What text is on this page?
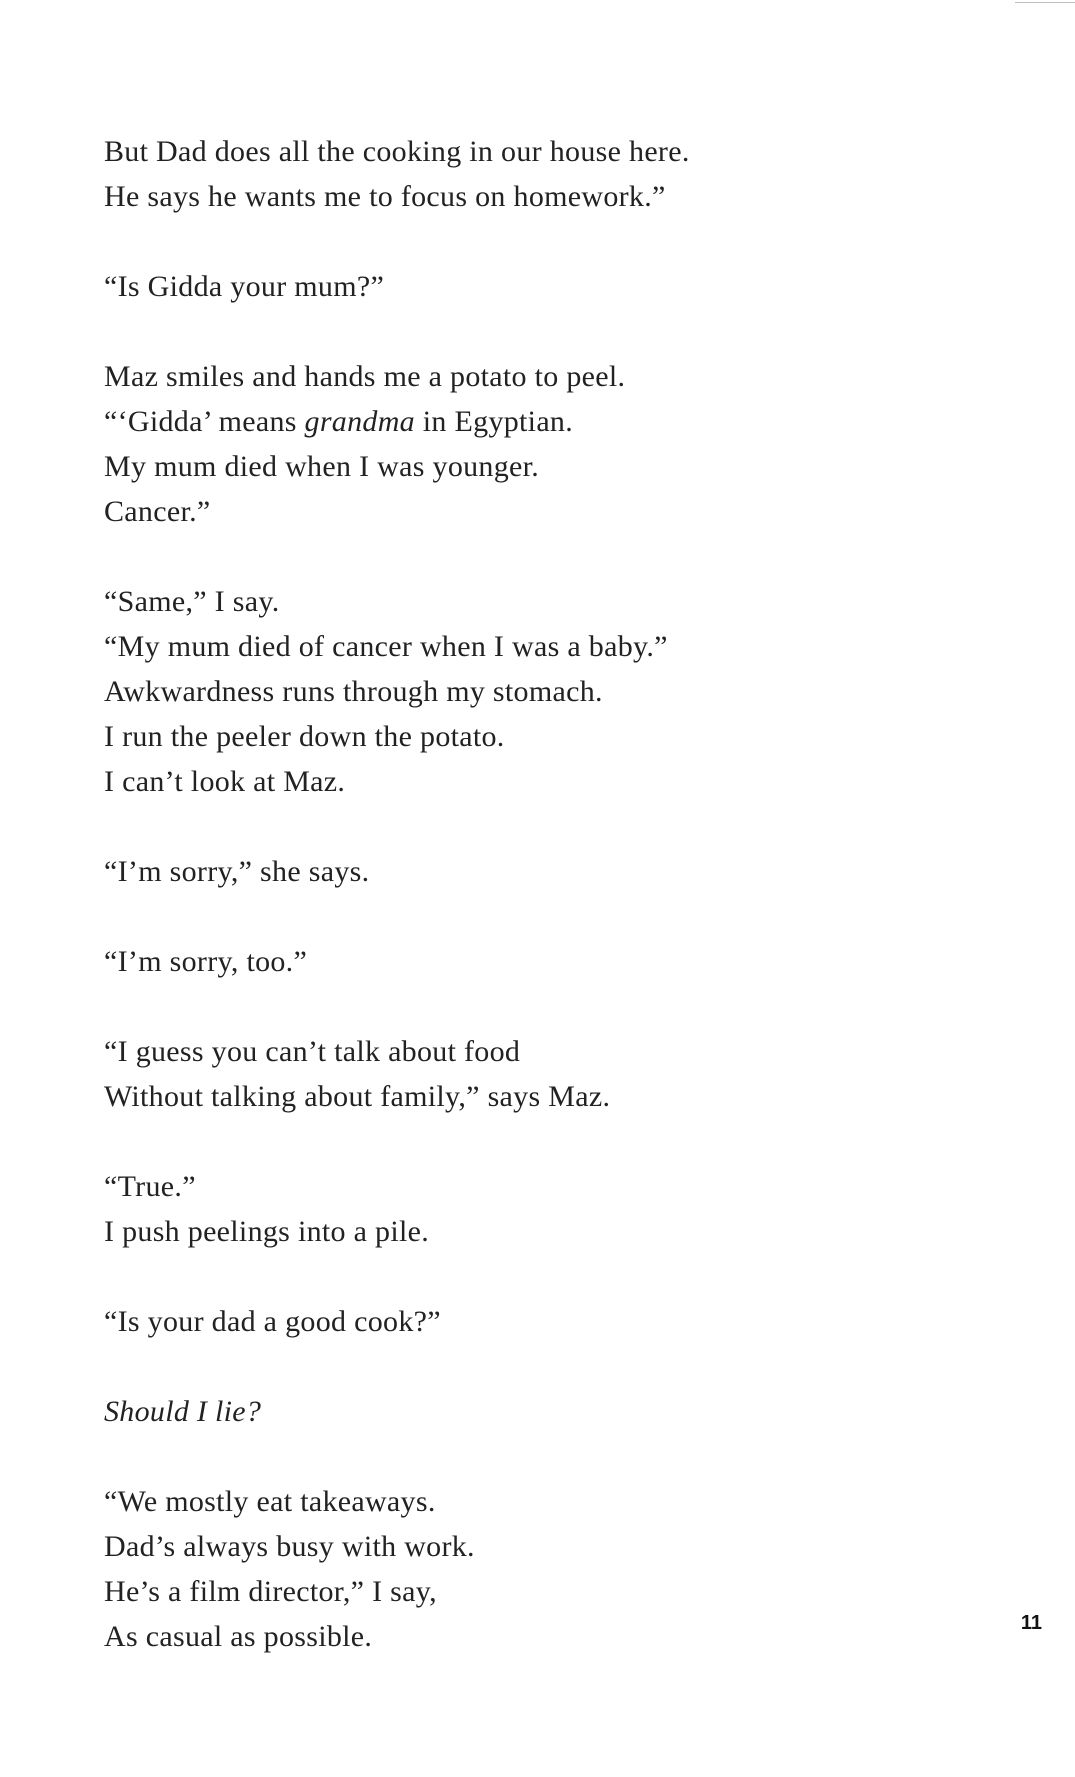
But Dad does all the cooking in our house here.
He says he wants me to focus on homework.”
“Is Gidda your mum?”
Maz smiles and hands me a potato to peel.
“‘Gidda’ means grandma in Egyptian.
My mum died when I was younger.
Cancer.”
“Same,” I say.
“My mum died of cancer when I was a baby.”
Awkwardness runs through my stomach.
I run the peeler down the potato.
I can’t look at Maz.
“I’m sorry,” she says.
“I’m sorry, too.”
“I guess you can’t talk about food
Without talking about family,” says Maz.
“True.”
I push peelings into a pile.
“Is your dad a good cook?”
Should I lie?
“We mostly eat takeaways.
Dad’s always busy with work.
He’s a film director,” I say,
As casual as possible.	11
